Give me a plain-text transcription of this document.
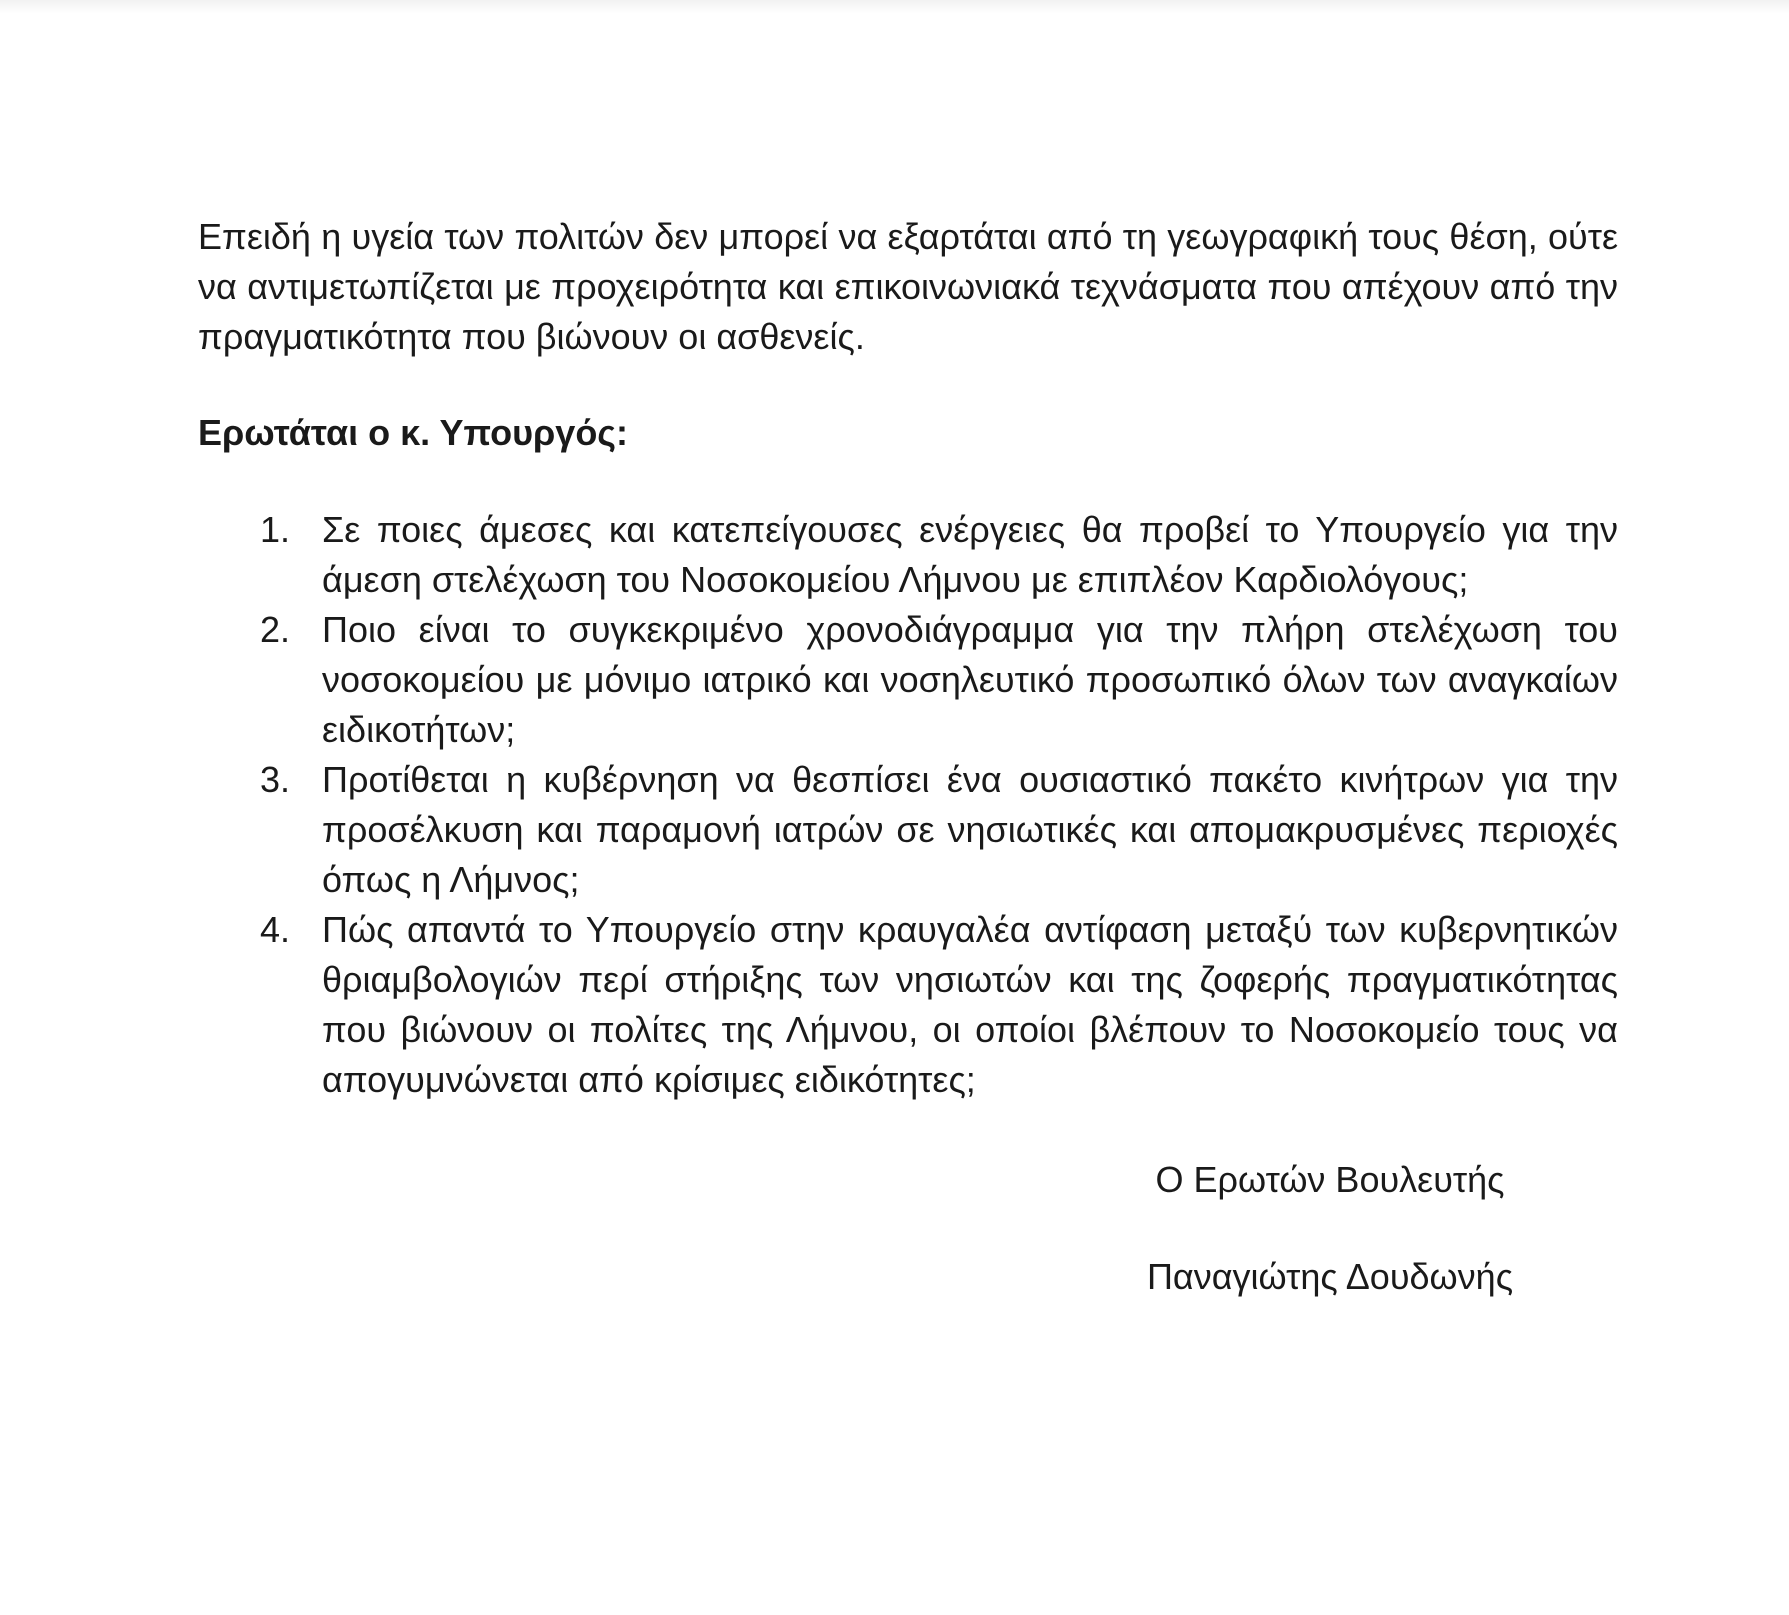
Επειδή η υγεία των πολιτών δεν μπορεί να εξαρτάται από τη γεωγραφική τους θέση, ούτε να αντιμετωπίζεται με προχειρότητα και επικοινωνιακά τεχνάσματα που απέχουν από την πραγματικότητα που βιώνουν οι ασθενείς.

Ερωτάται ο κ. Υπουργός:

1. Σε ποιες άμεσες και κατεπείγουσες ενέργειες θα προβεί το Υπουργείο για την άμεση στελέχωση του Νοσοκομείου Λήμνου με επιπλέον Καρδιολόγους;
2. Ποιο είναι το συγκεκριμένο χρονοδιάγραμμα για την πλήρη στελέχωση του νοσοκομείου με μόνιμο ιατρικό και νοσηλευτικό προσωπικό όλων των αναγκαίων ειδικοτήτων;
3. Προτίθεται η κυβέρνηση να θεσπίσει ένα ουσιαστικό πακέτο κινήτρων για την προσέλκυση και παραμονή ιατρών σε νησιωτικές και απομακρυσμένες περιοχές όπως η Λήμνος;
4. Πώς απαντά το Υπουργείο στην κραυγαλέα αντίφαση μεταξύ των κυβερνητικών θριαμβολογιών περί στήριξης των νησιωτών και της ζοφερής πραγματικότητας που βιώνουν οι πολίτες της Λήμνου, οι οποίοι βλέπουν το Νοσοκομείο τους να απογυμνώνεται από κρίσιμες ειδικότητες;
Ο Ερωτών Βουλευτής
Παναγιώτης Δουδωνής
